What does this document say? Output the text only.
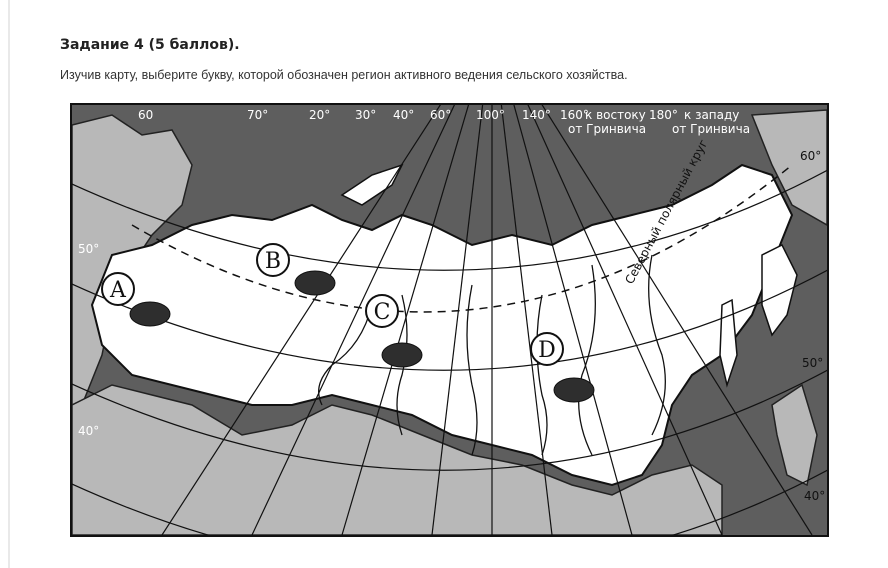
Задание 4 (5 баллов).
Изучив карту, выберите букву, которой обозначен регион активного ведения сельского хозяйства.
A
B
C
D
60	70°	20° 30° 40° 60° 100° 140° 160°	180°
к востоку
от Гринвича
к западу
от Гринвича
50°
40°
60°
50°
40°
Северный полярный круг
